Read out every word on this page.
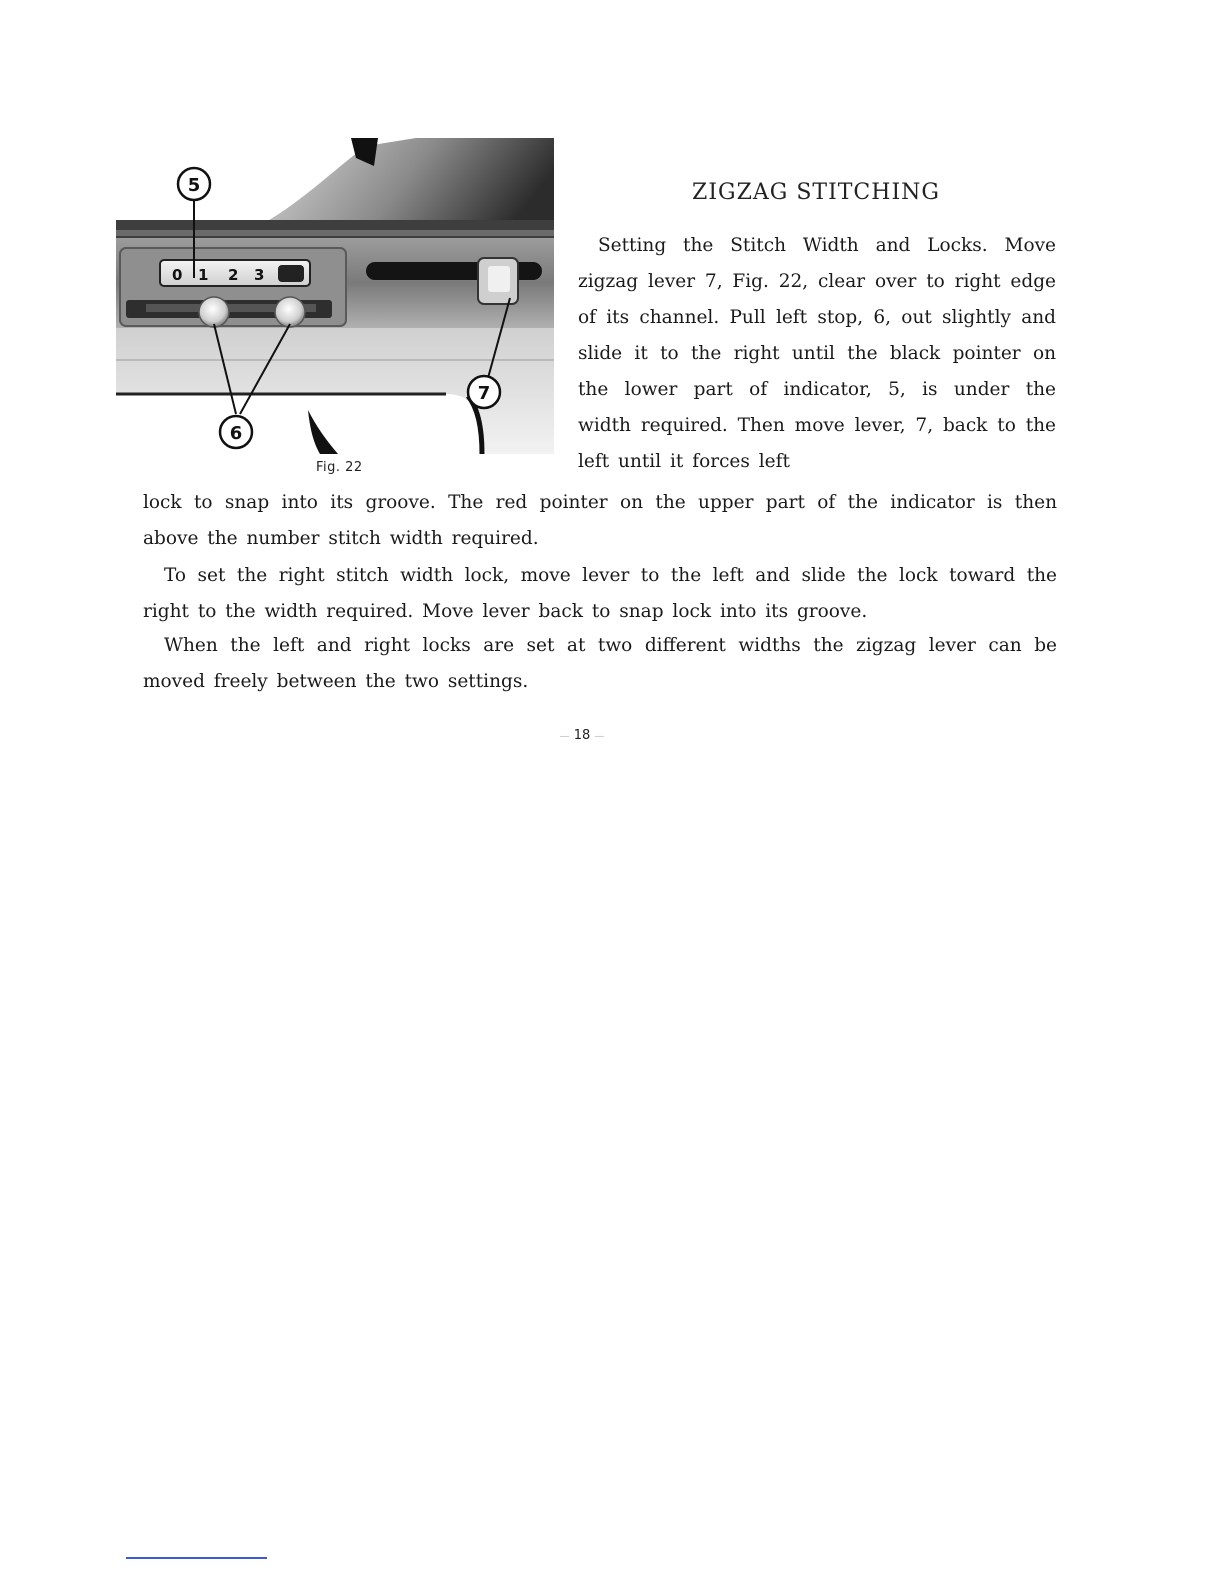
0 1 2 3
5
6
7
Fig. 22
ZIGZAG STITCHING

Setting the Stitch Width and Locks. Move zigzag lever 7, Fig. 22, clear over to right edge of its channel. Pull left stop, 6, out slightly and slide it to the right until the black pointer on the lower part of indicator, 5, is under the width required. Then move lever, 7, back to the left until it forces left

lock to snap into its groove. The red pointer on the upper part of the indicator is then above the number stitch width required.

To set the right stitch width lock, move lever to the left and slide the lock toward the right to the width required. Move lever back to snap lock into its groove.

When the left and right locks are set at two different widths the zigzag lever can be moved freely between the two settings.

— 18 —
